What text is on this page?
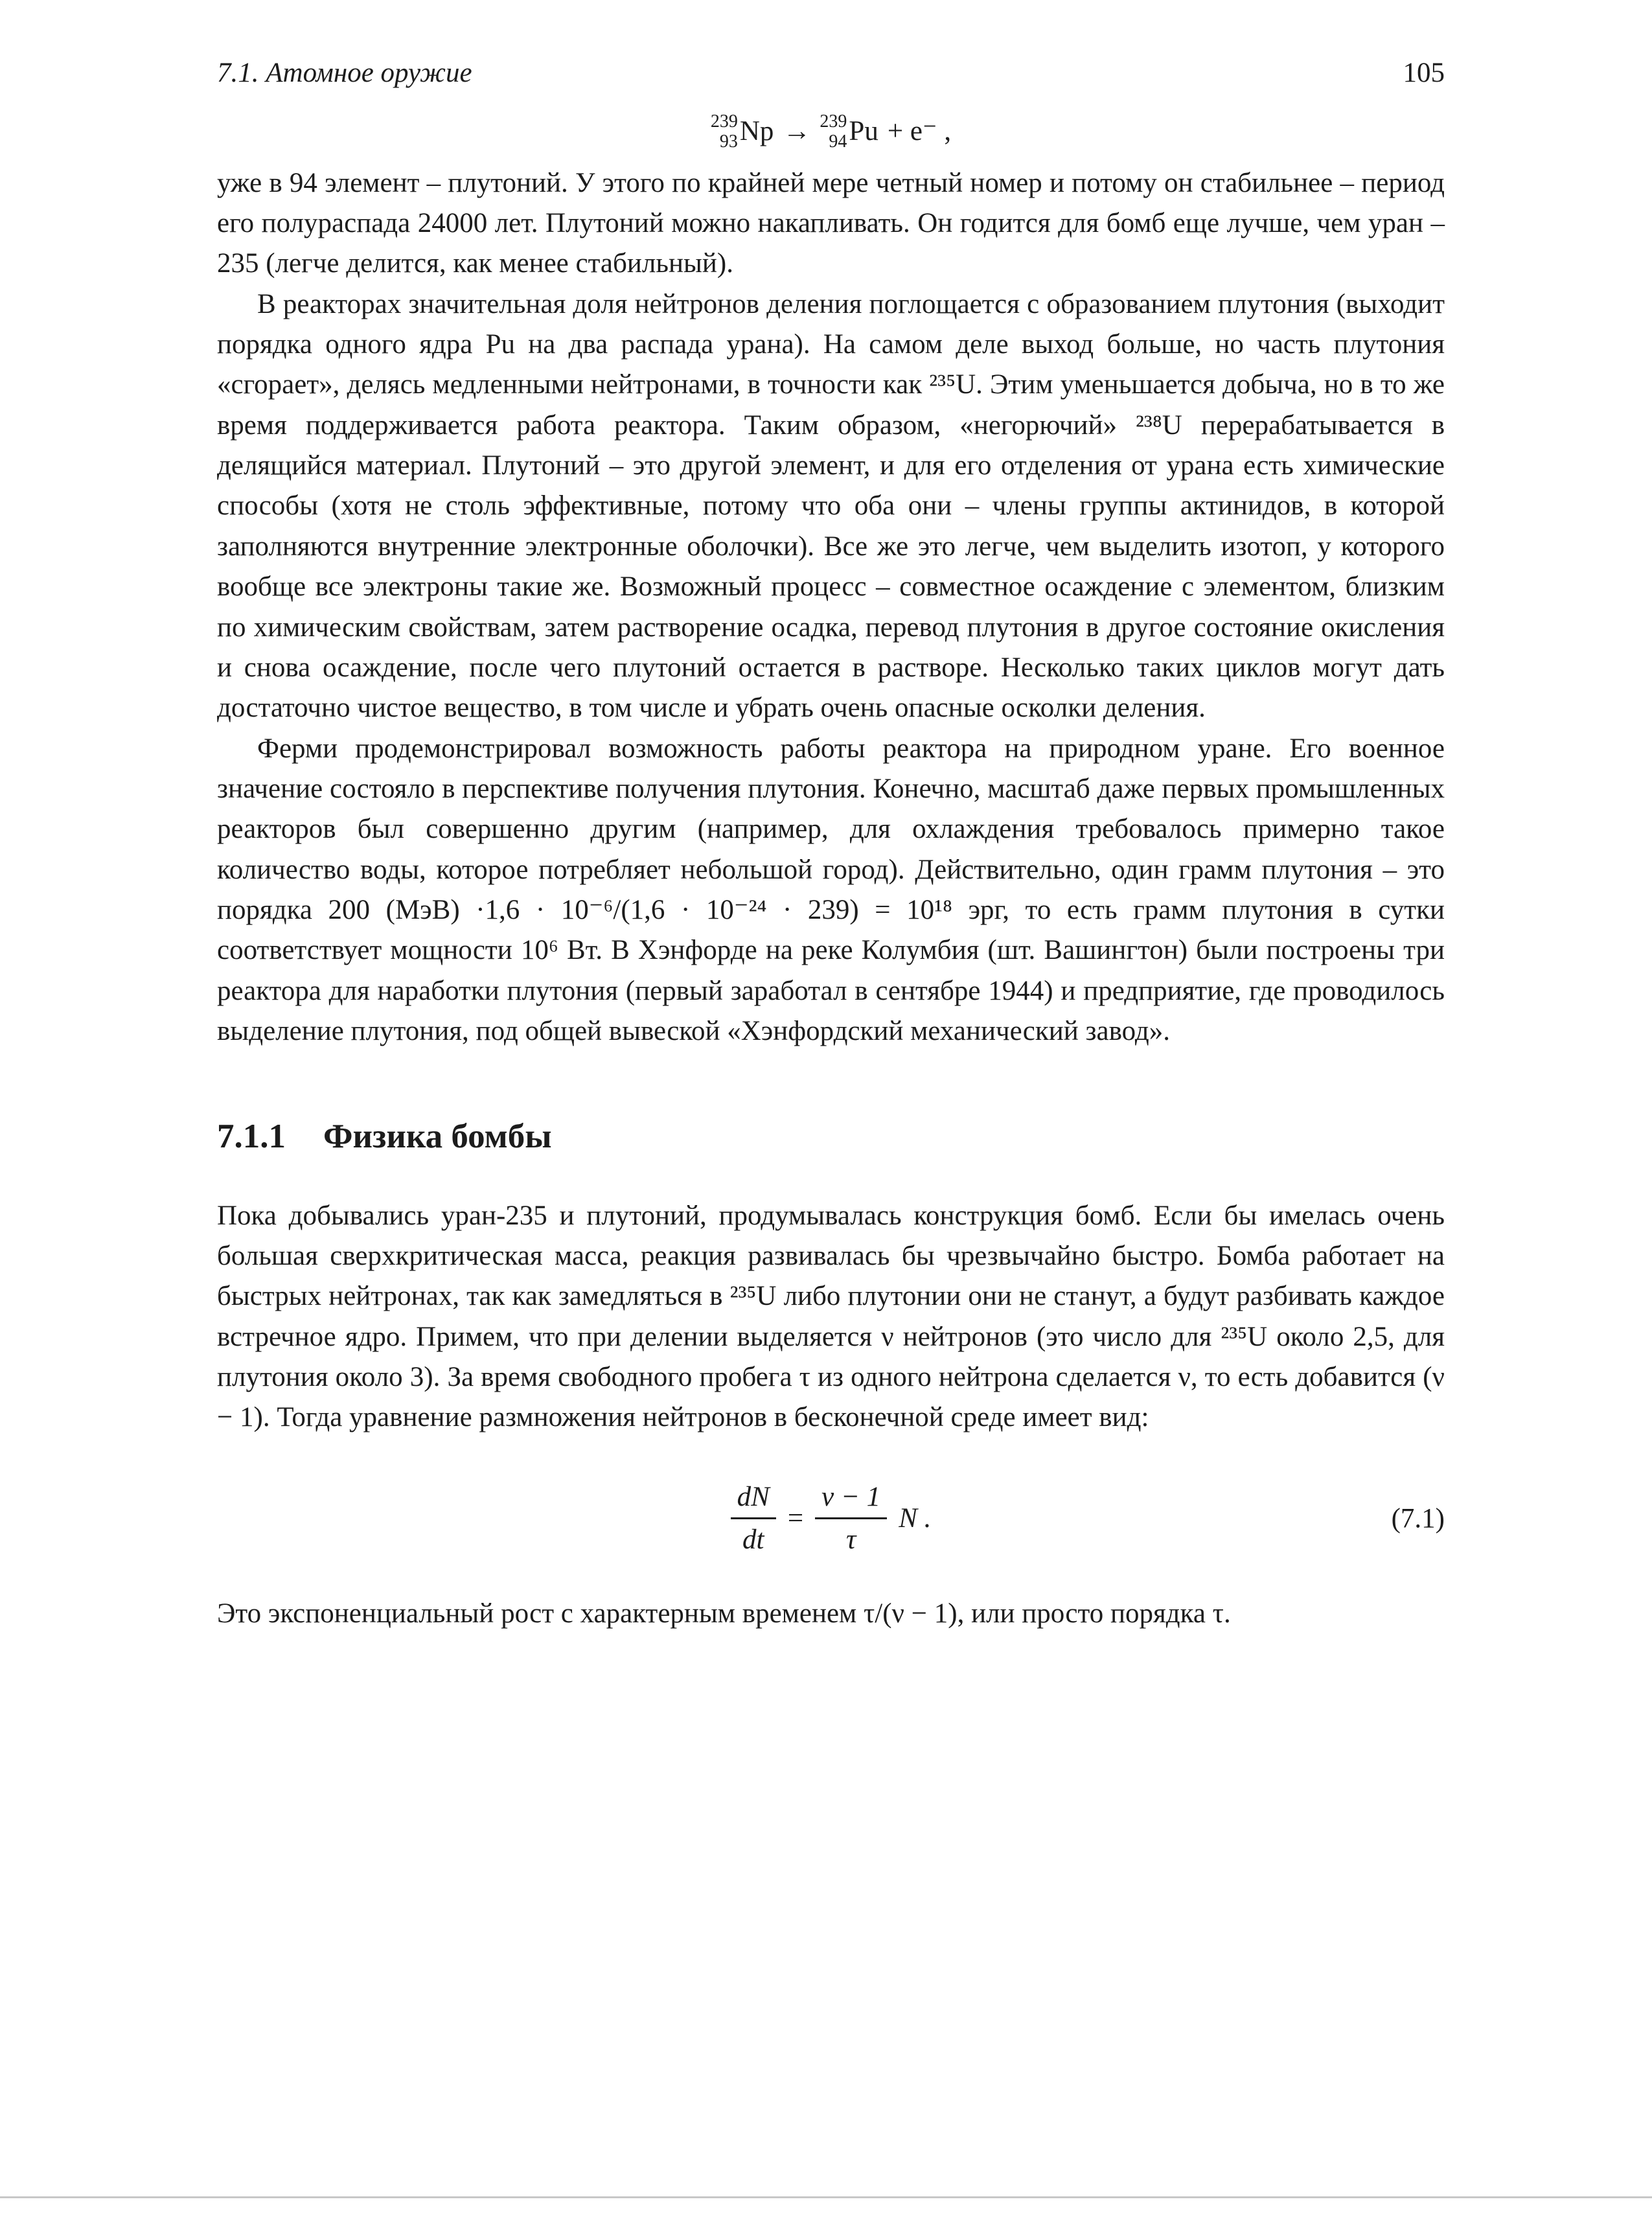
7.1. Атомное оружие	105
239
93 Np → 239
94 Pu + e⁻ ,

уже в 94 элемент – плутоний. У этого по крайней мере четный номер и потому он стабильнее – период его полураспада 24000 лет. Плутоний можно накапливать. Он годится для бомб еще лучше, чем уран – 235 (легче делится, как менее стабильный).

В реакторах значительная доля нейтронов деления поглощается с образованием плутония (выходит порядка одного ядра Pu на два распада урана). На самом деле выход больше, но часть плутония «сгорает», делясь медленными нейтронами, в точности как ²³⁵U. Этим уменьшается добыча, но в то же время поддерживается работа реактора. Таким образом, «негорючий» ²³⁸U перерабатывается в делящийся материал. Плутоний – это другой элемент, и для его отделения от урана есть химические способы (хотя не столь эффективные, потому что оба они – члены группы актинидов, в которой заполняются внутренние электронные оболочки). Все же это легче, чем выделить изотоп, у которого вообще все электроны такие же. Возможный процесс – совместное осаждение с элементом, близким по химическим свойствам, затем растворение осадка, перевод плутония в другое состояние окисления и снова осаждение, после чего плутоний остается в растворе. Несколько таких циклов могут дать достаточно чистое вещество, в том числе и убрать очень опасные осколки деления.

Ферми продемонстрировал возможность работы реактора на природном уране. Его военное значение состояло в перспективе получения плутония. Конечно, масштаб даже первых промышленных реакторов был совершенно другим (например, для охлаждения требовалось примерно такое количество воды, которое потребляет небольшой город). Действительно, один грамм плутония – это порядка 200 (МэВ) ·1,6 · 10⁻⁶/(1,6 · 10⁻²⁴ · 239) = 10¹⁸ эрг, то есть грамм плутония в сутки соответствует мощности 10⁶ Вт. В Хэнфорде на реке Колумбия (шт. Вашингтон) были построены три реактора для наработки плутония (первый заработал в сентябре 1944) и предприятие, где проводилось выделение плутония, под общей вывеской «Хэнфордский механический завод».

7.1.1 Физика бомбы

Пока добывались уран-235 и плутоний, продумывалась конструкция бомб. Если бы имелась очень большая сверхкритическая масса, реакция развивалась бы чрезвычайно быстро. Бомба работает на быстрых нейтронах, так как замедляться в ²³⁵U либо плутонии они не станут, а будут разбивать каждое встречное ядро. Примем, что при делении выделяется ν нейтронов (это число для ²³⁵U около 2,5, для плутония около 3). За время свободного пробега τ из одного нейтрона сделается ν, то есть добавится (ν − 1). Тогда уравнение размножения нейтронов в бесконечной среде имеет вид:

$\frac{dN}{dt} = \frac{\nu - 1}{\tau}$ N .	(7.1)

Это экспоненциальный рост с характерным временем τ/(ν − 1), или просто порядка τ.
